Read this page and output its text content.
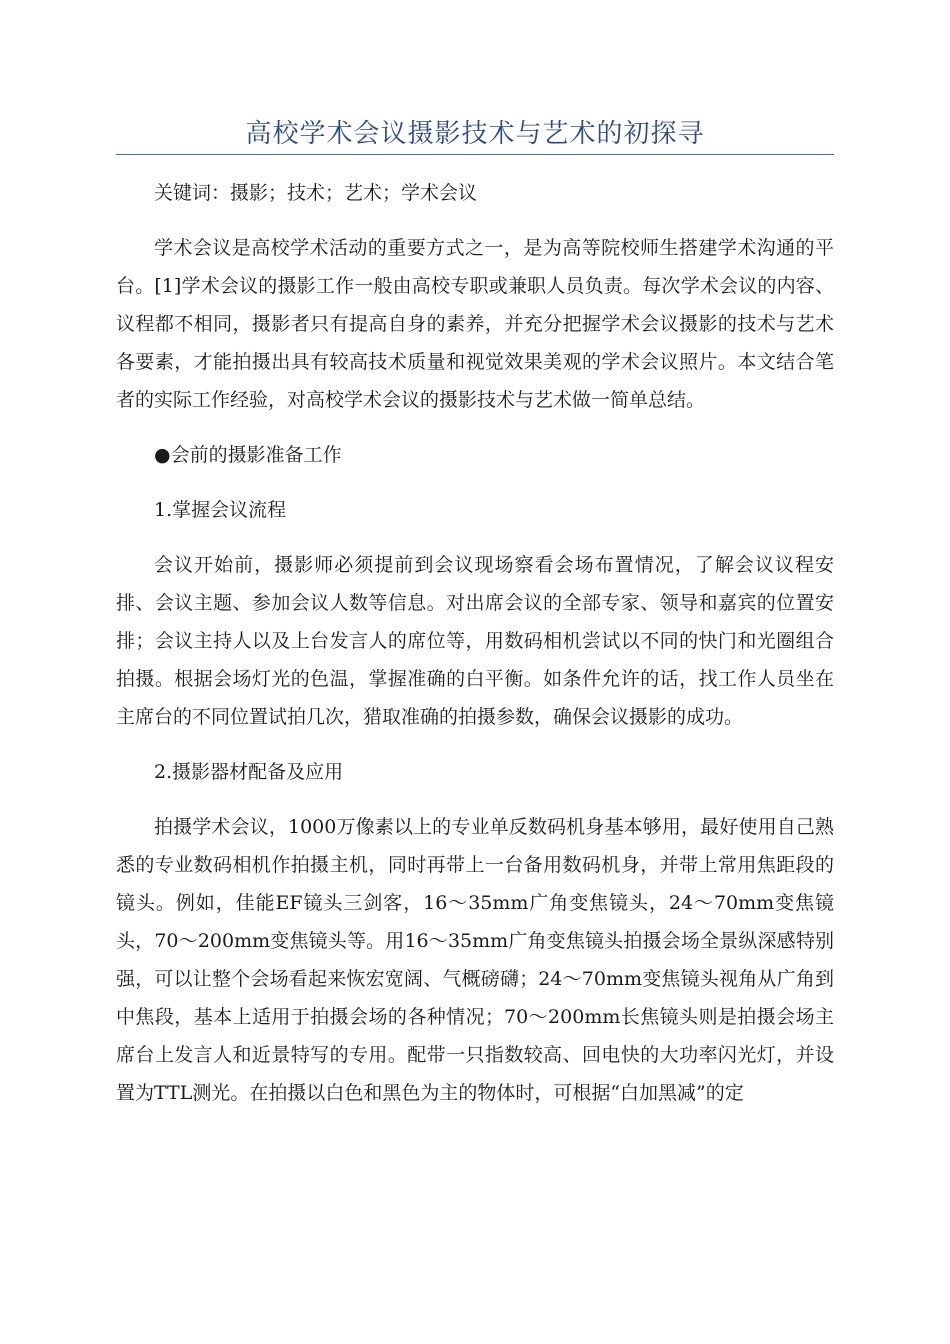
高校学术会议摄影技术与艺术的初探寻

关键词：摄影；技术；艺术；学术会议

学术会议是高校学术活动的重要方式之一，是为高等院校师生搭建学术沟通的平台。[1]学术会议的摄影工作一般由高校专职或兼职人员负责。每次学术会议的内容、议程都不相同，摄影者只有提高自身的素养，并充分把握学术会议摄影的技术与艺术各要素，才能拍摄出具有较高技术质量和视觉效果美观的学术会议照片。本文结合笔者的实际工作经验，对高校学术会议的摄影技术与艺术做一简单总结。

●会前的摄影准备工作

1.掌握会议流程

会议开始前，摄影师必须提前到会议现场察看会场布置情况，了解会议议程安排、会议主题、参加会议人数等信息。对出席会议的全部专家、领导和嘉宾的位置安排；会议主持人以及上台发言人的席位等，用数码相机尝试以不同的快门和光圈组合拍摄。根据会场灯光的色温，掌握准确的白平衡。如条件允许的话，找工作人员坐在主席台的不同位置试拍几次，猎取准确的拍摄参数，确保会议摄影的成功。

2.摄影器材配备及应用

拍摄学术会议，1000万像素以上的专业单反数码机身基本够用，最好使用自己熟悉的专业数码相机作拍摄主机，同时再带上一台备用数码机身，并带上常用焦距段的镜头。例如，佳能EF镜头三剑客，16～35mm广角变焦镜头，24～70mm变焦镜头，70～200mm变焦镜头等。用16～35mm广角变焦镜头拍摄会场全景纵深感特别强，可以让整个会场看起来恢宏宽阔、气概磅礴；24～70mm变焦镜头视角从广角到中焦段，基本上适用于拍摄会场的各种情况；70～200mm长焦镜头则是拍摄会场主席台上发言人和近景特写的专用。配带一只指数较高、回电快的大功率闪光灯，并设置为TTL测光。在拍摄以白色和黑色为主的物体时，可根据“白加黑减”的定
